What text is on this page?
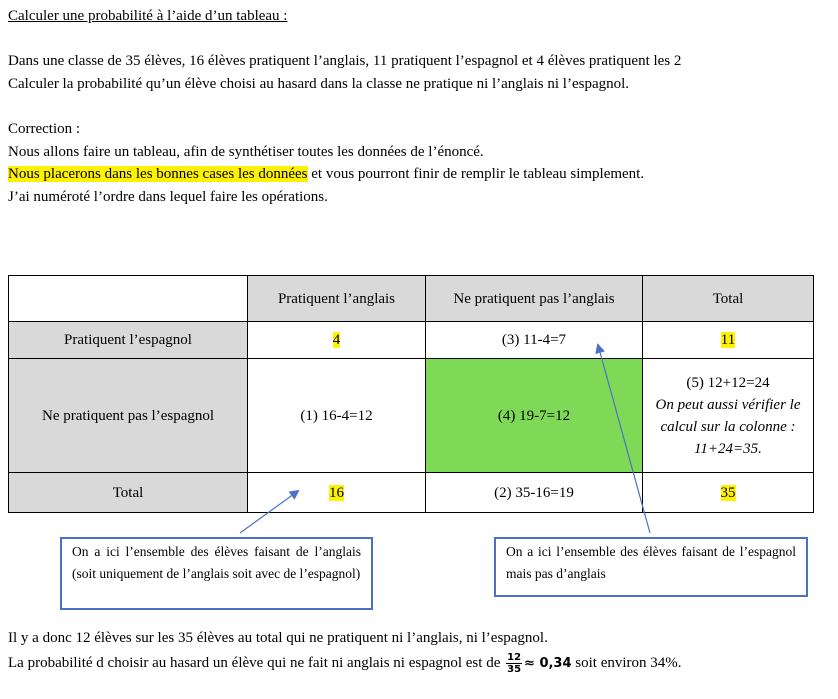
Calculer une probabilité à l’aide d’un tableau :
Dans une classe de 35 élèves, 16 élèves pratiquent l’anglais, 11 pratiquent l’espagnol et 4 élèves pratiquent les 2
Calculer la probabilité qu’un élève choisi au hasard dans la classe ne pratique ni l’anglais ni l’espagnol.
Correction :
Nous allons faire un tableau, afin de synthétiser toutes les données de l’énoncé.
Nous placerons dans les bonnes cases les données et vous pourront finir de remplir le tableau simplement.
J’ai numéroté l’ordre dans lequel faire les opérations.
	Pratiquent l’anglais	Ne pratiquent pas l’anglais	Total
Pratiquent l’espagnol	4	(3) 11-4=7	11
Ne pratiquent pas l’espagnol	(1) 16-4=12	(4) 19-7=12	(5) 12+12=24
On peut aussi vérifier le calcul sur la colonne : 11+24=35.

Total	16	(2) 35-16=19	35
On a ici l’ensemble des élèves faisant de l’anglais (soit uniquement de l’anglais soit avec de l’espagnol)
On a ici l’ensemble des élèves faisant de l’espagnol mais pas d’anglais
Il y a donc 12 élèves sur les 35 élèves au total qui ne pratiquent ni l’anglais, ni l’espagnol.
La probabilité d choisir au hasard un élève qui ne fait ni anglais ni espagnol est de $\frac{12}{35} \approx 0,34$ soit environ 34%.
